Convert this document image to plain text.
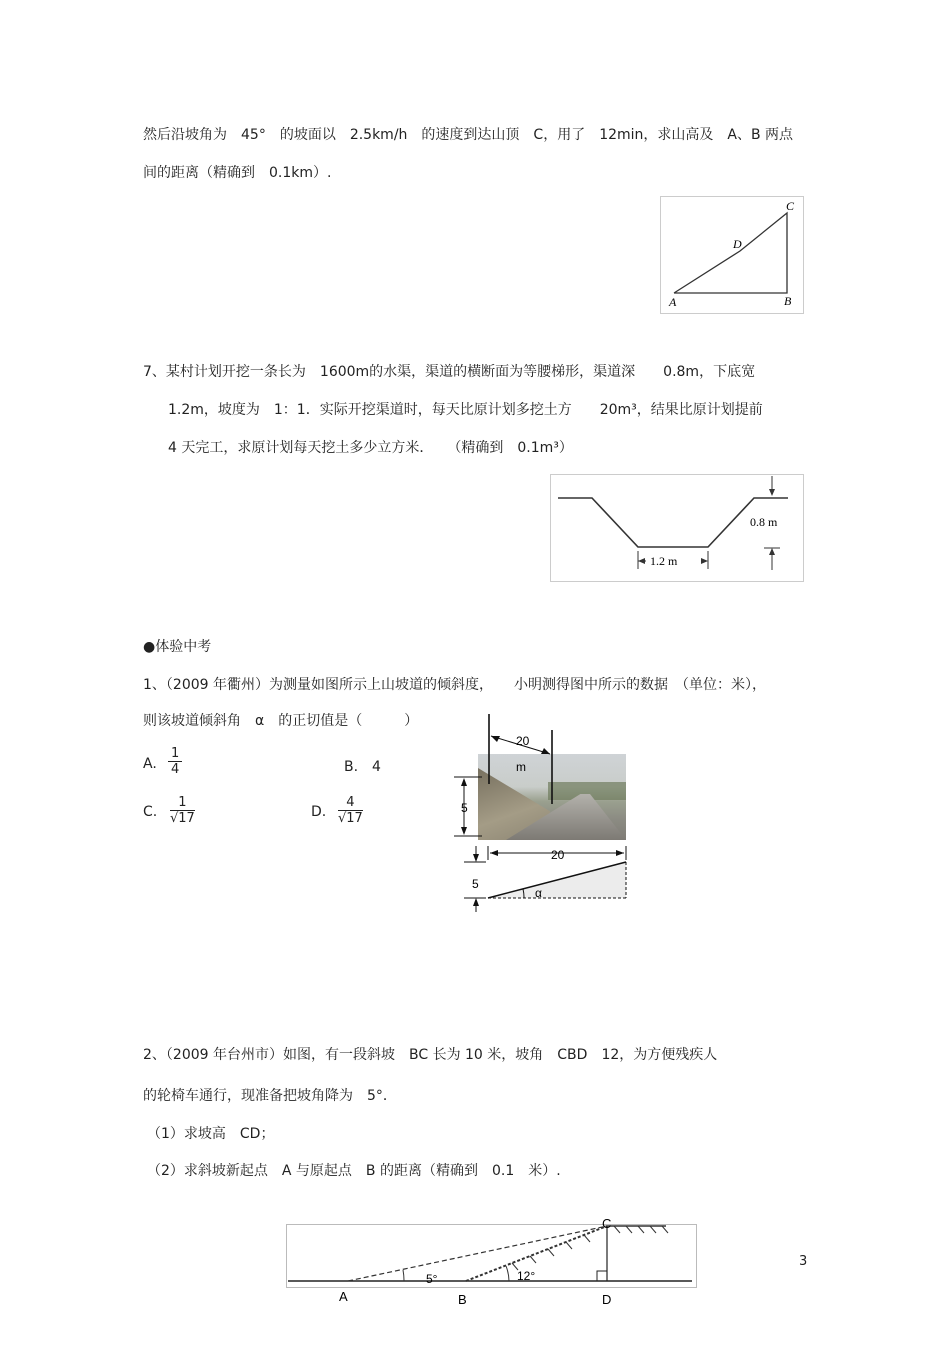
然后沿坡角为　45°　的坡面以　2.5km/h　的速度到达山顶　C，用了　12min，求山高及　A、B 两点
间的距离（精确到　0.1km）.
A	B
C
D
7、某村计划开挖一条长为　1600m的水渠，渠道的横断面为等腰梯形，渠道深　　0.8m，下底宽
1.2m，坡度为　1：1．实际开挖渠道时，每天比原计划多挖土方　　20m³，结果比原计划提前
4 天完工，求原计划每天挖土多少立方米．　　（精确到　0.1m³）
1.2 m
0.8 m
●体验中考
1、（2009 年衢州）为测量如图所示上山坡道的倾斜度，　　小明测得图中所示的数据　（单位：米），
则该坡道倾斜角　α　的正切值是（　　　）
A. $\frac{1}{4}$	B.　4
C. $\frac{1}{√17}$	D. $\frac{4}{√17}$
20
m
5
20
5
α
2、（2009 年台州市）如图，有一段斜坡　BC 长为 10 米，坡角　CBD　12，为方便残疾人
的轮椅车通行，现准备把坡角降为　5°．
（1）求坡高　CD；
（2）求斜坡新起点　A 与原起点　B 的距离（精确到　0.1　米）.
5°	12°
A	B
C
D
3
